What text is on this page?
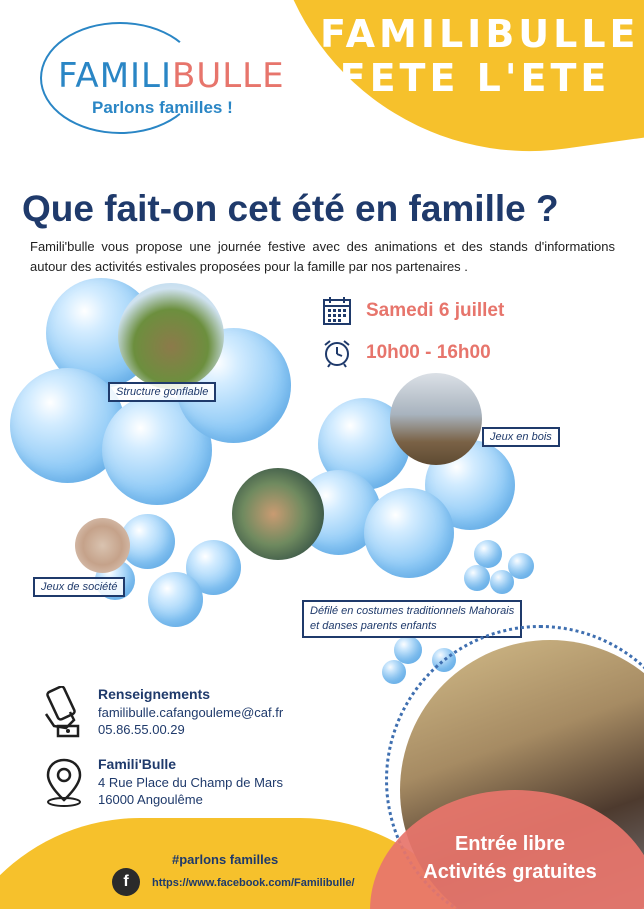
FAMILI BULLE
Parlons familles !
FAMILIBULLE
FETE L'ETE
Que fait-on cet été en famille ?

Famili'bulle vous propose une journée festive avec des animations et des stands d'informations autour des activités estivales proposées pour la famille par nos partenaires .

Structure gonflable
Jeux en bois
Jeux de société
Défilé en costumes traditionnels Mahorais
et danses parents enfants
Samedi 6 juillet
10h00 - 16h00
Renseignements
familibulle.cafangouleme@caf.fr
05.86.55.00.29
Famili'Bulle
4 Rue Place du Champ de Mars
16000 Angoulême
Entrée libre
Activités gratuites
#parlons familles
f	https://www.facebook.com/Familibulle/
